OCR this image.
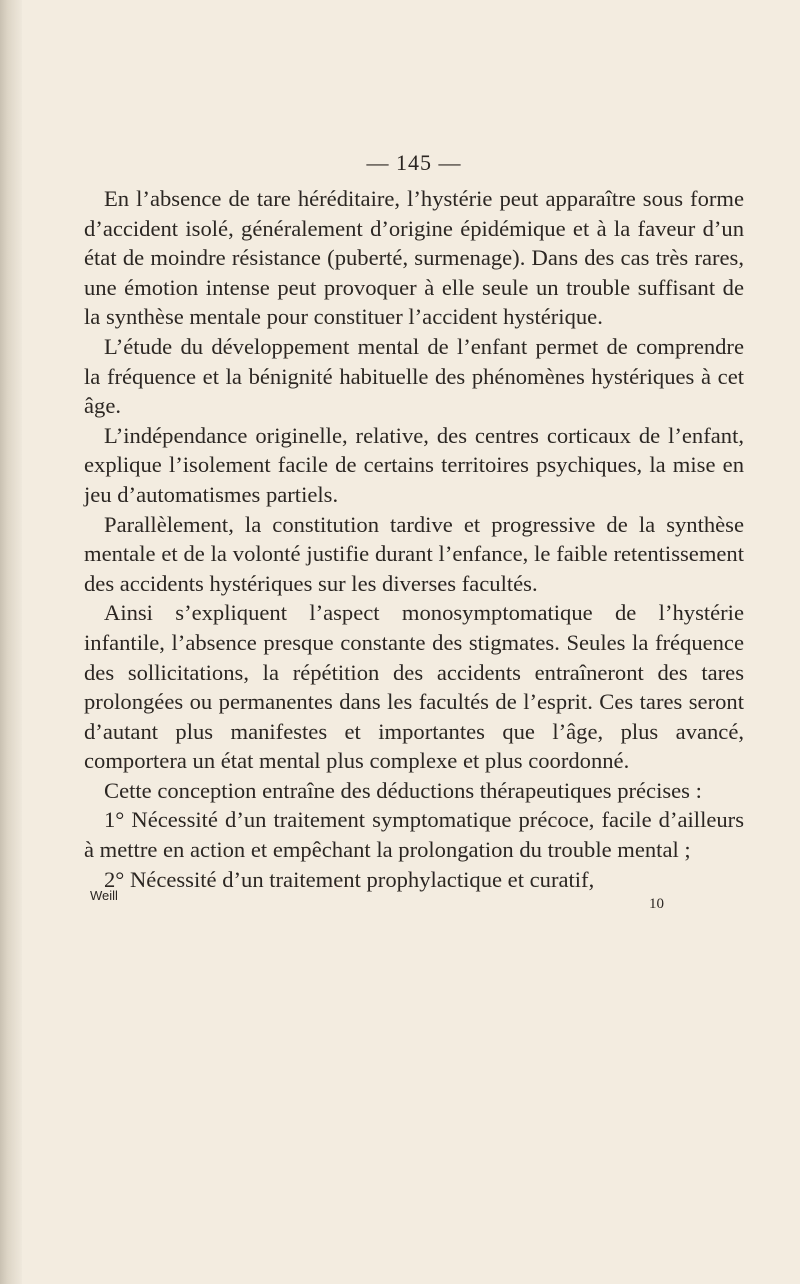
— 145 —

En l’absence de tare héréditaire, l’hystérie peut apparaître sous forme d’accident isolé, généralement d’origine épidémique et à la faveur d’un état de moindre résistance (puberté, surmenage). Dans des cas très rares, une émotion intense peut provoquer à elle seule un trouble suffisant de la synthèse mentale pour constituer l’accident hystérique.

L’étude du développement mental de l’enfant permet de comprendre la fréquence et la bénignité habituelle des phénomènes hystériques à cet âge.

L’indépendance originelle, relative, des centres corticaux de l’enfant, explique l’isolement facile de certains territoires psychiques, la mise en jeu d’automatismes partiels.

Parallèlement, la constitution tardive et progressive de la synthèse mentale et de la volonté justifie durant l’enfance, le faible retentissement des accidents hystériques sur les diverses facultés.

Ainsi s’expliquent l’aspect monosymptomatique de l’hystérie infantile, l’absence presque constante des stigmates. Seules la fréquence des sollicitations, la répétition des accidents entraîneront des tares prolongées ou permanentes dans les facultés de l’esprit. Ces tares seront d’autant plus manifestes et importantes que l’âge, plus avancé, comportera un état mental plus complexe et plus coordonné.

Cette conception entraîne des déductions thérapeutiques précises :

1° Nécessité d’un traitement symptomatique précoce, facile d’ailleurs à mettre en action et empêchant la prolongation du trouble mental ;

2° Nécessité d’un traitement prophylactique et curatif,

Weill
10
